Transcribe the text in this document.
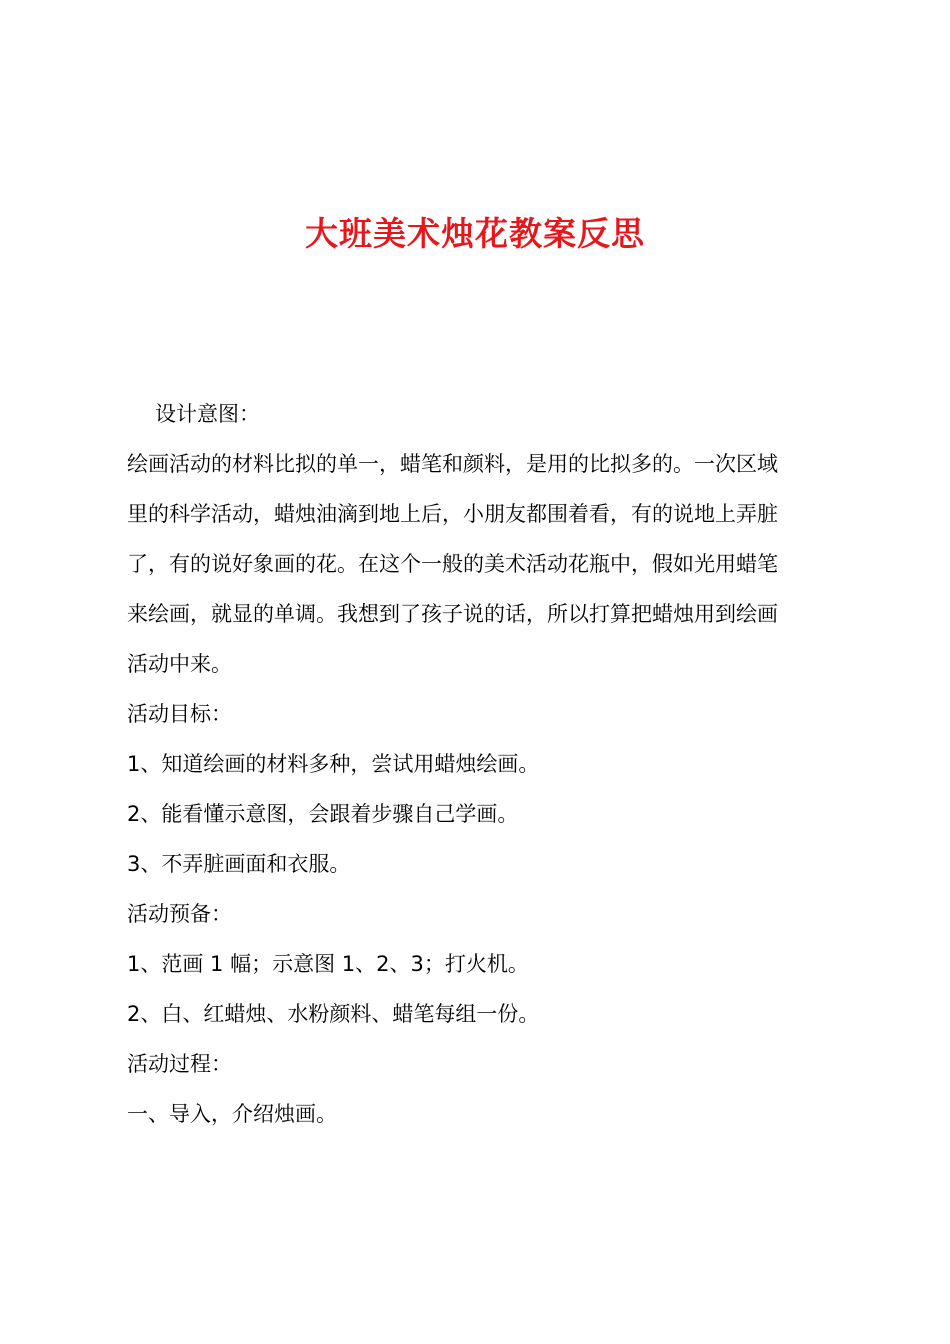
大班美术烛花教案反思

设计意图：

绘画活动的材料比拟的单一，蜡笔和颜料，是用的比拟多的。一次区域

里的科学活动，蜡烛油滴到地上后，小朋友都围着看，有的说地上弄脏

了，有的说好象画的花。在这个一般的美术活动花瓶中，假如光用蜡笔

来绘画，就显的单调。我想到了孩子说的话，所以打算把蜡烛用到绘画

活动中来。

活动目标：

1、知道绘画的材料多种，尝试用蜡烛绘画。

2、能看懂示意图，会跟着步骤自己学画。

3、不弄脏画面和衣服。

活动预备：

1、范画 1 幅；示意图 1、2、3；打火机。

2、白、红蜡烛、水粉颜料、蜡笔每组一份。

活动过程：

一、导入，介绍烛画。
